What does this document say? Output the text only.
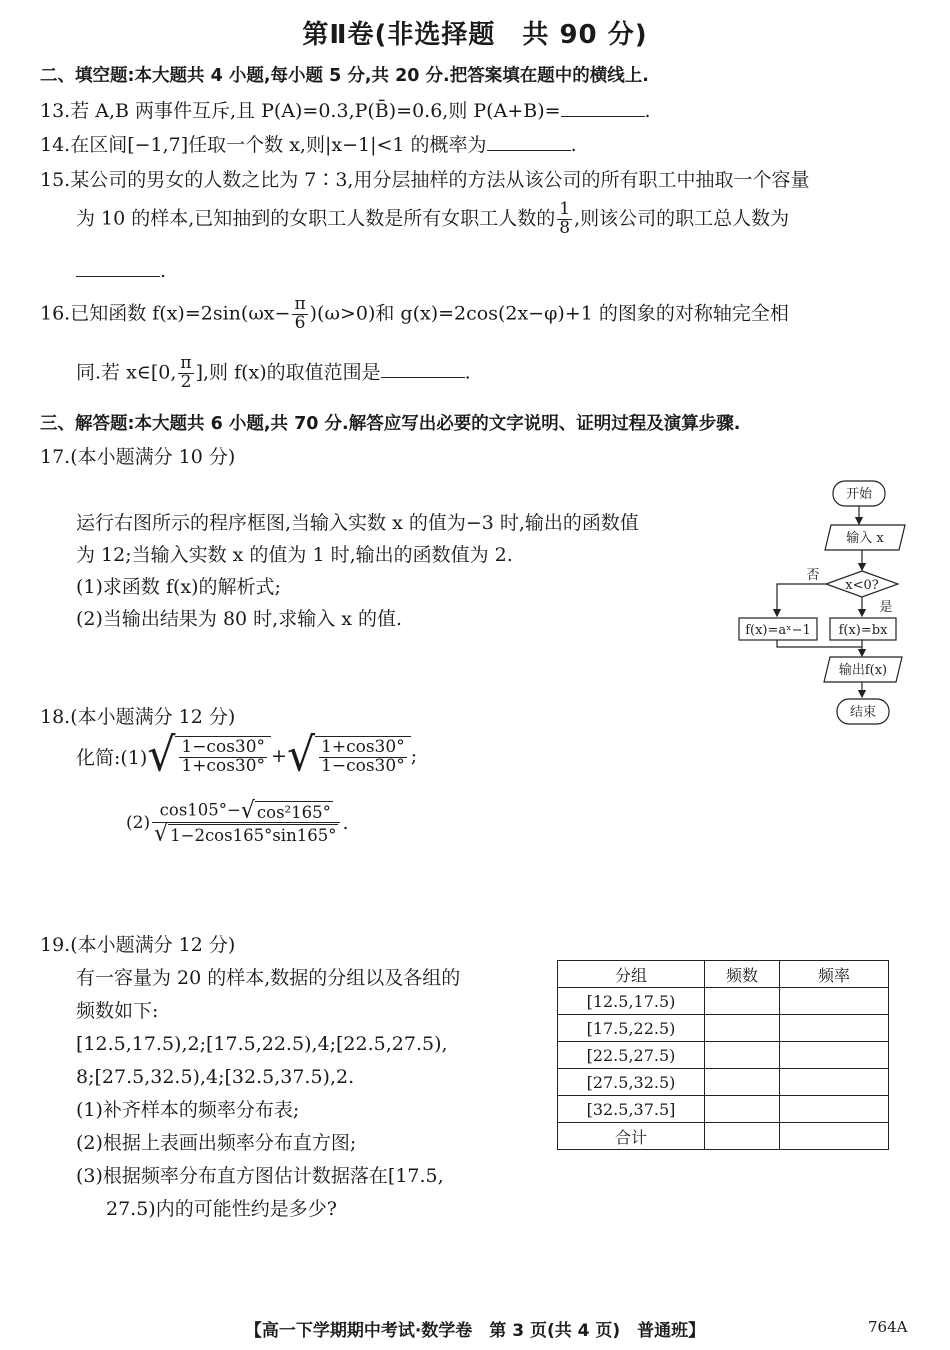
第Ⅱ卷(非选择题　共 90 分)
二、填空题:本大题共 4 小题,每小题 5 分,共 20 分.把答案填在题中的横线上.
13.若 A,B 两事件互斥,且 P(A)=0.3,P(B̄)=0.6,则 P(A+B)=	.
14.在区间[−1,7]任取一个数 x,则|x−1|<1 的概率为	.
15.某公司的男女的人数之比为 7∶3,用分层抽样的方法从该公司的所有职工中抽取一个容量
为 10 的样本,已知抽到的女职工人数是所有女职工人数的 $\frac{1}{8}$ ,则该公司的职工总人数为
.
16.已知函数 $f(x)=2\sin(\omega x- \frac{\pi}{6} )(\omega>0)$和 g(x)=2cos(2x−φ)+1 的图象的对称轴完全相
同.若 x∈[0, $\frac{\pi}{2}$ ],则 f(x)的取值范围是	.
三、解答题:本大题共 6 小题,共 70 分.解答应写出必要的文字说明、证明过程及演算步骤.
17.(本小题满分 10 分)
运行右图所示的程序框图,当输入实数 x 的值为−3 时,输出的函数值
为 12;当输入实数 x 的值为 1 时,输出的函数值为 2.
(1)求函数 f(x)的解析式;
(2)当输出结果为 80 时,求输入 x 的值.
开始
输入 x
x<0?
否
是
f(x)=aˣ−1 f(x)=bx
输出f(x)
结束
18.(本小题满分 12 分)
化简:(1) √ $\frac{1-\cos 30^\circ}{1+\cos 30^\circ}$ + √ $\frac{1+\cos 30^\circ}{1-\cos 30^\circ}$ ;
$(2) \frac{\text{cos105°− √ cos²165°}}{√ 1-2\cos 165^\circ\sin 165^\circ}$ .
19.(本小题满分 12 分)
有一容量为 20 的样本,数据的分组以及各组的
频数如下:
[12.5,17.5),2;[17.5,22.5),4;[22.5,27.5),
8;[27.5,32.5),4;[32.5,37.5),2.
(1)补齐样本的频率分布表;
(2)根据上表画出频率分布直方图;
(3)根据频率分布直方图估计数据落在[17.5,
27.5)内的可能性约是多少?
分组	频数	频率
[12.5,17.5)		
[17.5,22.5)		
[22.5,27.5)		
[27.5,32.5)		
[32.5,37.5]		
合计		
【高一下学期期中考试·数学卷　第 3 页(共 4 页)　普通班】	764A
